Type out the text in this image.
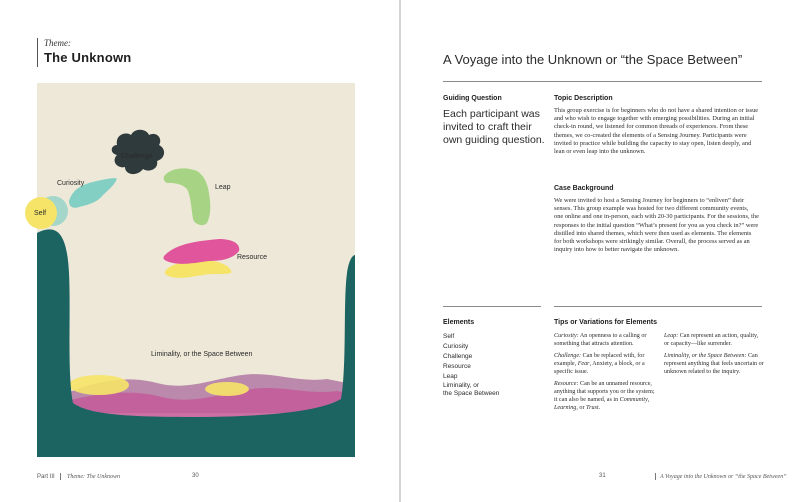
Theme:
The Unknown
Challenge
Curiosity
Leap
Self
Resource
Liminality, or the Space Between
Part III Theme: The Unknown	30
A Voyage into the Unknown or “the Space Between”
Guiding Question
Each participant was invited to craft their own guiding question.
Topic Description
This group exercise is for beginners who do not have a shared intention or issue and who wish to engage together with emerging possibilities. During an initial check-in round, we listened for common threads of experiences. From these themes, we co-created the elements of a Sensing Journey. Participants were invited to practice while building the capacity to stay open, listen deeply, and lean or even leap into the unknown.
Case Background
We were invited to host a Sensing Journey for beginners to “enliven” their senses. This group example was hosted for two different community events, one online and one in-person, each with 20-30 participants. For the sessions, the responses to the initial question “What’s present for you as you check in?” were distilled into shared themes, which were then used as elements. The elements for both workshops were strikingly similar. Overall, the process served as an inquiry into how to better navigate the unknown.
Elements
Self
Curiosity
Challenge
Resource
Leap
Liminality, or
the Space Between
Tips or Variations for Elements

Curiosity: An openness to a calling or something that attracts attention.

Challenge: Can be replaced with, for example, Fear, Anxiety, a block, or a specific issue.

Resource: Can be an unnamed resource, anything that supports you or the system; it can also be named, as in Community, Learning, or Trust.

Leap: Can represent an action, quality, or capacity—like surrender.

Liminality, or the Space Between: Can represent anything that feels uncertain or unknown related to the inquiry.

31	A Voyage into the Unknown or “the Space Between”
